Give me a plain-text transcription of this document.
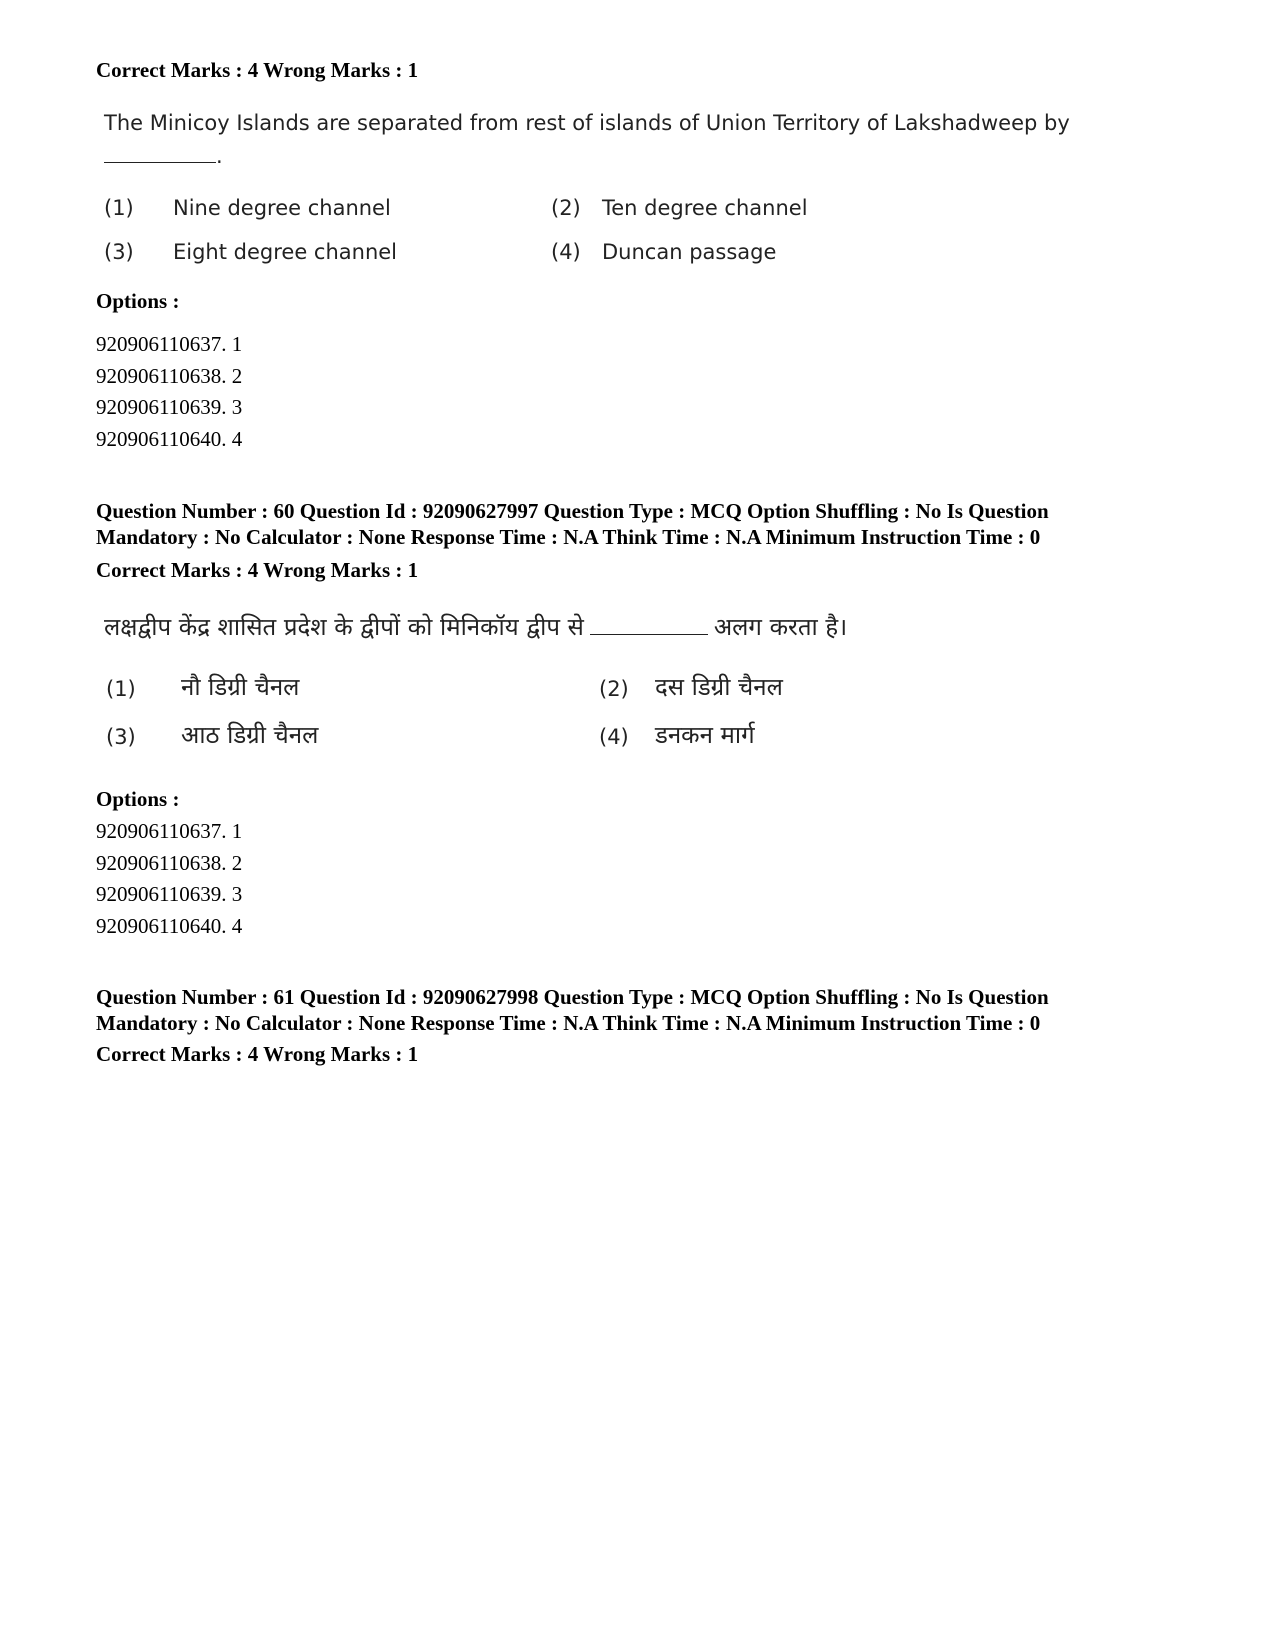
Correct Marks : 4 Wrong Marks : 1
The Minicoy Islands are separated from rest of islands of Union Territory of Lakshadweep by
.
(1) Nine degree channel	(2) Ten degree channel
(3) Eight degree channel	(4) Duncan passage
Options :
920906110637. 1
920906110638. 2
920906110639. 3
920906110640. 4
Question Number : 60 Question Id : 92090627997 Question Type : MCQ Option Shuffling : No Is Question
Mandatory : No Calculator : None Response Time : N.A Think Time : N.A Minimum Instruction Time : 0
Correct Marks : 4 Wrong Marks : 1
लक्षद्वीप केंद्र शासित प्रदेश के द्वीपों को मिनिकॉय द्वीप से	अलग करता है।
(1) नौ डिग्री चैनल	(2) दस डिग्री चैनल
(3) आठ डिग्री चैनल	(4) डनकन मार्ग
Options :
920906110637. 1
920906110638. 2
920906110639. 3
920906110640. 4
Question Number : 61 Question Id : 92090627998 Question Type : MCQ Option Shuffling : No Is Question
Mandatory : No Calculator : None Response Time : N.A Think Time : N.A Minimum Instruction Time : 0
Correct Marks : 4 Wrong Marks : 1
